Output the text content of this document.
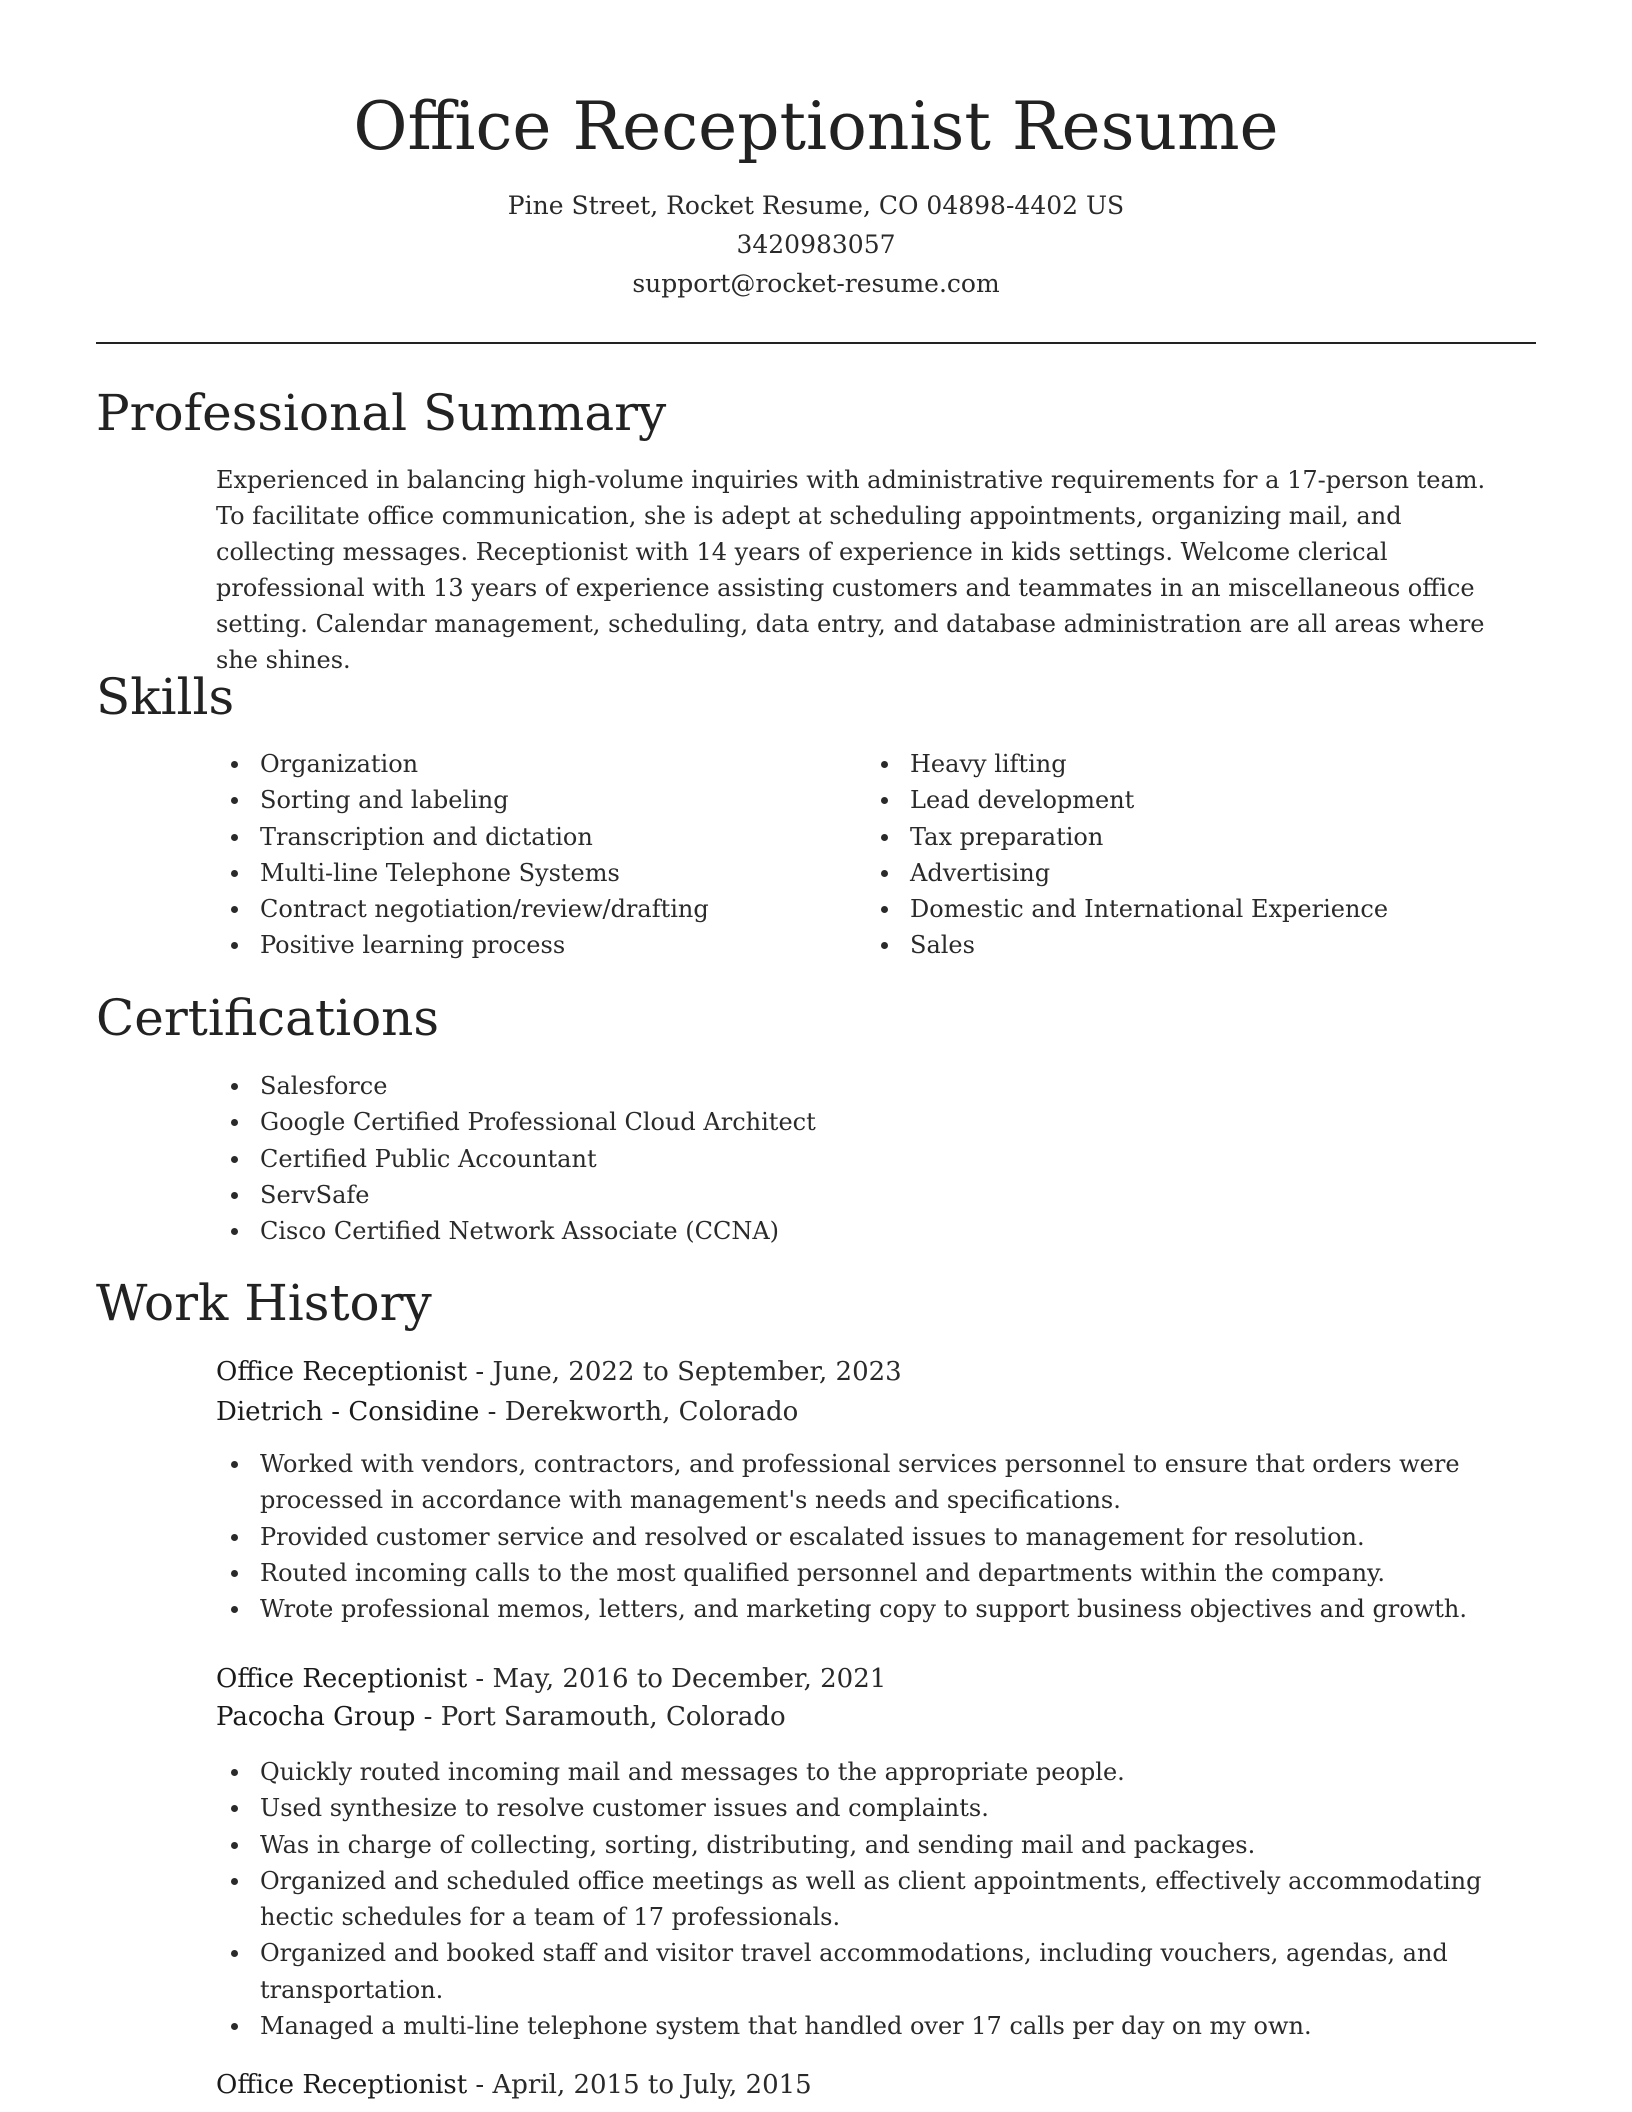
Office Receptionist Resume
Pine Street, Rocket Resume, CO 04898-4402 US
3420983057
support@rocket-resume.com
Professional Summary

Experienced in balancing high-volume inquiries with administrative requirements for a 17-person team. To facilitate office communication, she is adept at scheduling appointments, organizing mail, and collecting messages. Receptionist with 14 years of experience in kids settings. Welcome clerical professional with 13 years of experience assisting customers and teammates in an miscellaneous office setting. Calendar management, scheduling, data entry, and database administration are all areas where she shines.

Skills
Organization
Sorting and labeling
Transcription and dictation
Multi-line Telephone Systems
Contract negotiation/review/drafting
Positive learning process
Heavy lifting
Lead development
Tax preparation
Advertising
Domestic and International Experience
Sales
Certifications
Salesforce
Google Certified Professional Cloud Architect
Certified Public Accountant
ServSafe
Cisco Certified Network Associate (CCNA)
Work History
Office Receptionist - June, 2022 to September, 2023
Dietrich - Considine - Derekworth, Colorado
Worked with vendors, contractors, and professional services personnel to ensure that orders were processed in accordance with management's needs and specifications.
Provided customer service and resolved or escalated issues to management for resolution.
Routed incoming calls to the most qualified personnel and departments within the company.
Wrote professional memos, letters, and marketing copy to support business objectives and growth.
Office Receptionist - May, 2016 to December, 2021
Pacocha Group - Port Saramouth, Colorado
Quickly routed incoming mail and messages to the appropriate people.
Used synthesize to resolve customer issues and complaints.
Was in charge of collecting, sorting, distributing, and sending mail and packages.
Organized and scheduled office meetings as well as client appointments, effectively accommodating hectic schedules for a team of 17 professionals.
Organized and booked staff and visitor travel accommodations, including vouchers, agendas, and transportation.
Managed a multi-line telephone system that handled over 17 calls per day on my own.
Office Receptionist - April, 2015 to July, 2015
